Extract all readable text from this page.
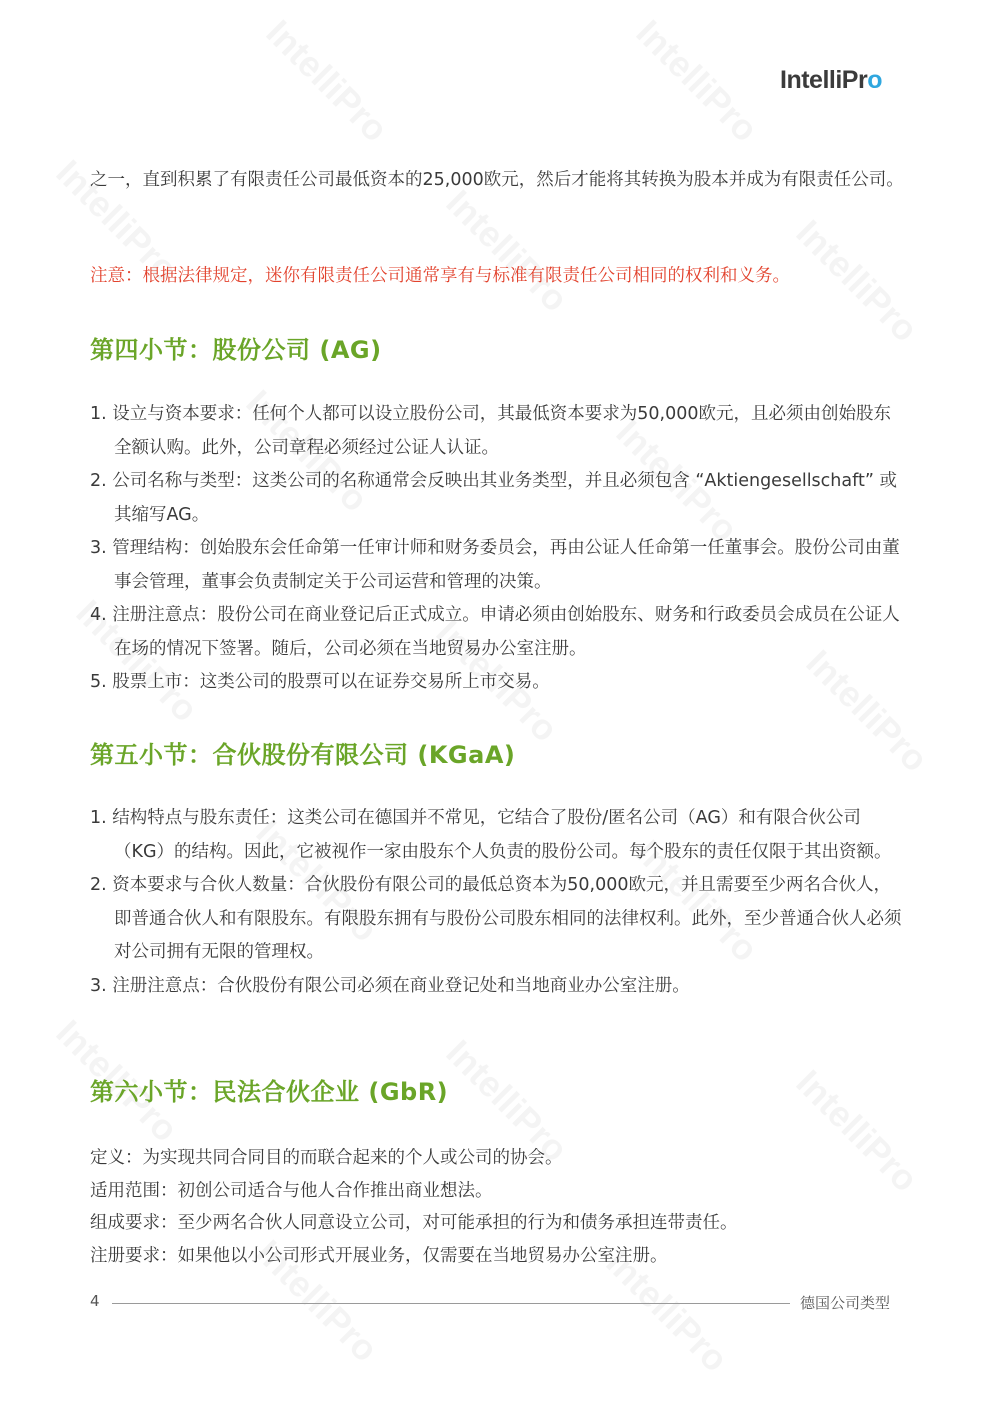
IntelliPro
之一，直到积累了有限责任公司最低资本的25,000欧元，然后才能将其转换为股本并成为有限责任公司。
注意：根据法律规定，迷你有限责任公司通常享有与标准有限责任公司相同的权利和义务。
第四小节：股份公司 (AG)
1. 设立与资本要求：任何个人都可以设立股份公司，其最低资本要求为50,000欧元，且必须由创始股东全额认购。此外，公司章程必须经过公证人认证。
2. 公司名称与类型：这类公司的名称通常会反映出其业务类型，并且必须包含 “Aktiengesellschaft” 或其缩写AG。
3. 管理结构：创始股东会任命第一任审计师和财务委员会，再由公证人任命第一任董事会。股份公司由董事会管理，董事会负责制定关于公司运营和管理的决策。
4. 注册注意点：股份公司在商业登记后正式成立。申请必须由创始股东、财务和行政委员会成员在公证人在场的情况下签署。随后，公司必须在当地贸易办公室注册。
5. 股票上市：这类公司的股票可以在证券交易所上市交易。
第五小节：合伙股份有限公司 (KGaA)
1. 结构特点与股东责任：这类公司在德国并不常见，它结合了股份/匿名公司（AG）和有限合伙公司（KG）的结构。因此，它被视作一家由股东个人负责的股份公司。每个股东的责任仅限于其出资额。
2. 资本要求与合伙人数量：合伙股份有限公司的最低总资本为50,000欧元，并且需要至少两名合伙人，即普通合伙人和有限股东。有限股东拥有与股份公司股东相同的法律权利。此外，至少普通合伙人必须对公司拥有无限的管理权。
3. 注册注意点：合伙股份有限公司必须在商业登记处和当地商业办公室注册。
第六小节：民法合伙企业 (GbR)
定义：为实现共同合同目的而联合起来的个人或公司的协会。
适用范围：初创公司适合与他人合作推出商业想法。
组成要求：至少两名合伙人同意设立公司，对可能承担的行为和债务承担连带责任。
注册要求：如果他以小公司形式开展业务，仅需要在当地贸易办公室注册。
4	德国公司类型
